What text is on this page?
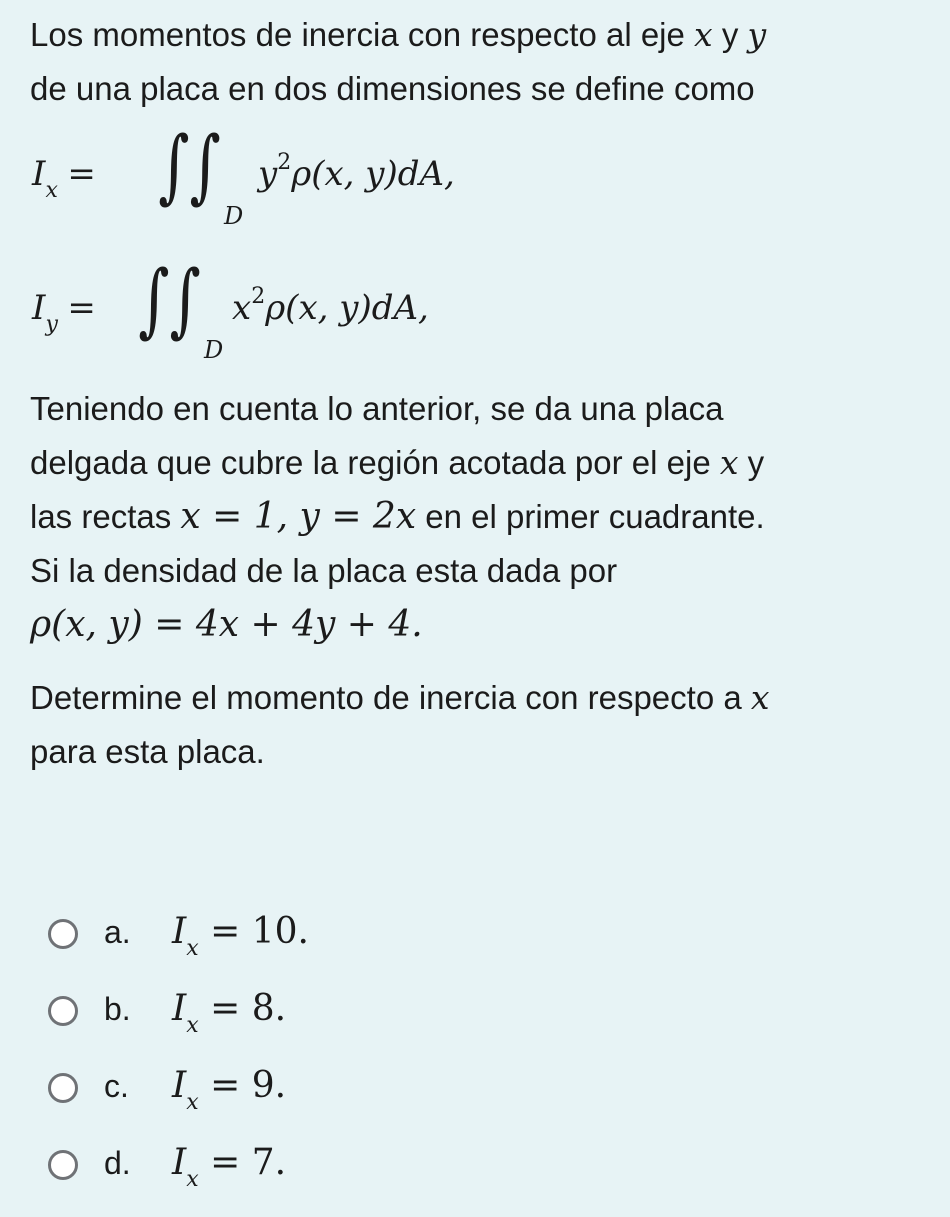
Los momentos de inercia con respecto al eje x y y
de una placa en dos dimensiones se define como

$I_x$ = ∫∫
D
$y^2\rho(x$, y)dA,
$I_y$ = ∫∫
D
$x^2\rho(x$, y)dA,

Teniendo en cuenta lo anterior, se da una placa
delgada que cubre la región acotada por el eje x y
las rectas x = 1, y = 2x en el primer cuadrante.
Si la densidad de la placa esta dada por
ρ(x, y) = 4x + 4y + 4.

Determine el momento de inercia con respecto a x
para esta placa.

a. $I_x = 10$.
b. $I_x = 8$.
c. $I_x = 9$.
d. $I_x = 7$.
